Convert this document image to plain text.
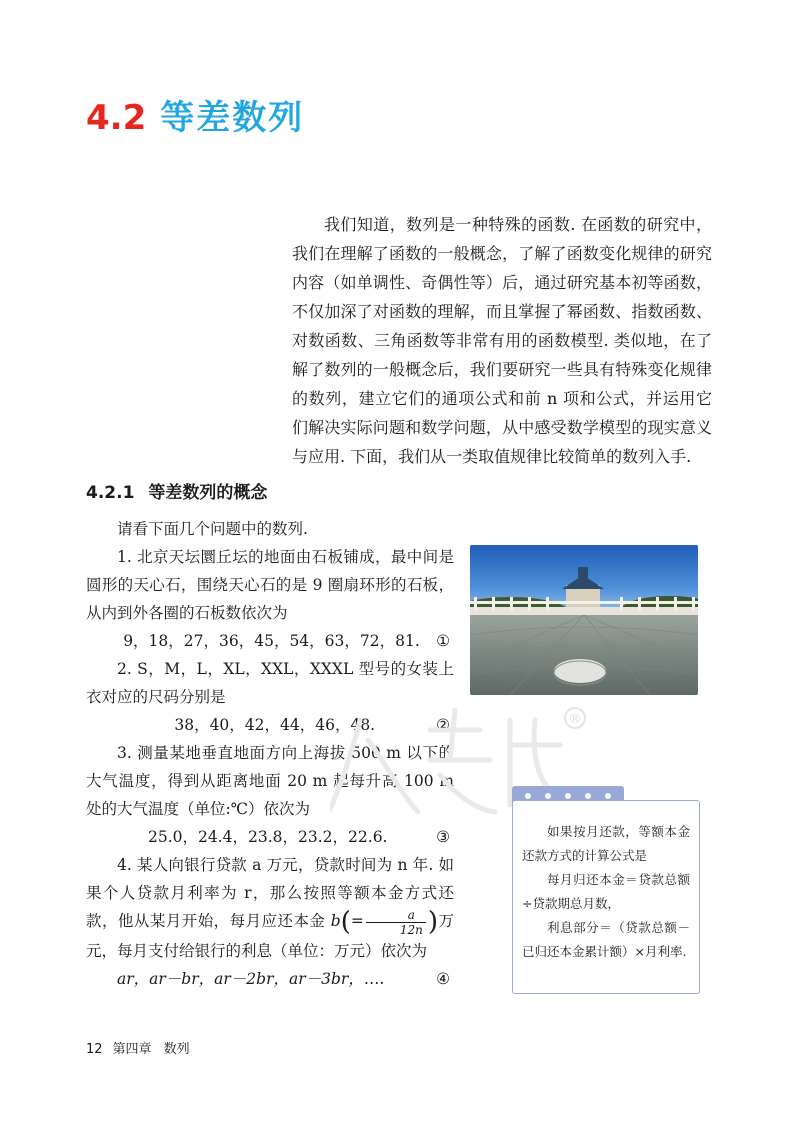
4.2 等差数列

我们知道，数列是一种特殊的函数. 在函数的研究中，我们在理解了函数的一般概念，了解了函数变化规律的研究内容（如单调性、奇偶性等）后，通过研究基本初等函数，不仅加深了对函数的理解，而且掌握了幂函数、指数函数、对数函数、三角函数等非常有用的函数模型. 类似地，在了解了数列的一般概念后，我们要研究一些具有特殊变化规律的数列，建立它们的通项公式和前 n 项和公式，并运用它们解决实际问题和数学问题，从中感受数学模型的现实意义与应用. 下面，我们从一类取值规律比较简单的数列入手.

4.2.1 等差数列的概念

请看下面几个问题中的数列.

1. 北京天坛圜丘坛的地面由石板铺成，最中间是圆形的天心石，围绕天心石的是 9 圈扇环形的石板，从内到外各圈的石板数依次为

9，18，27，36，45，54，63，72，81. ①

2. S，M，L，XL，XXL，XXXL 型号的女装上衣对应的尺码分别是

38，40，42，44，46，48.	②

3. 测量某地垂直地面方向上海拔 500 m 以下的大气温度，得到从距离地面 20 m 起每升高 100 m 处的大气温度（单位:℃）依次为

25.0，24.4，23.8，23.2，22.6.	③

4. 某人向银行贷款 a 万元，贷款时间为 n 年. 如果个人贷款月利率为 r，那么按照等额本金方式还款，他从某月开始，每月应还本金 $b(= \frac{a}{12n}$ )万元，每月支付给银行的利息（单位：万元）依次为

ar，ar－br，ar－2br，ar－3br，….	④
®

如果按月还款，等额本金还款方式的计算公式是

每月归还本金＝贷款总额÷贷款期总月数，

利息部分＝（贷款总额－已归还本金累计额）×月利率.

12 第四章 数列
